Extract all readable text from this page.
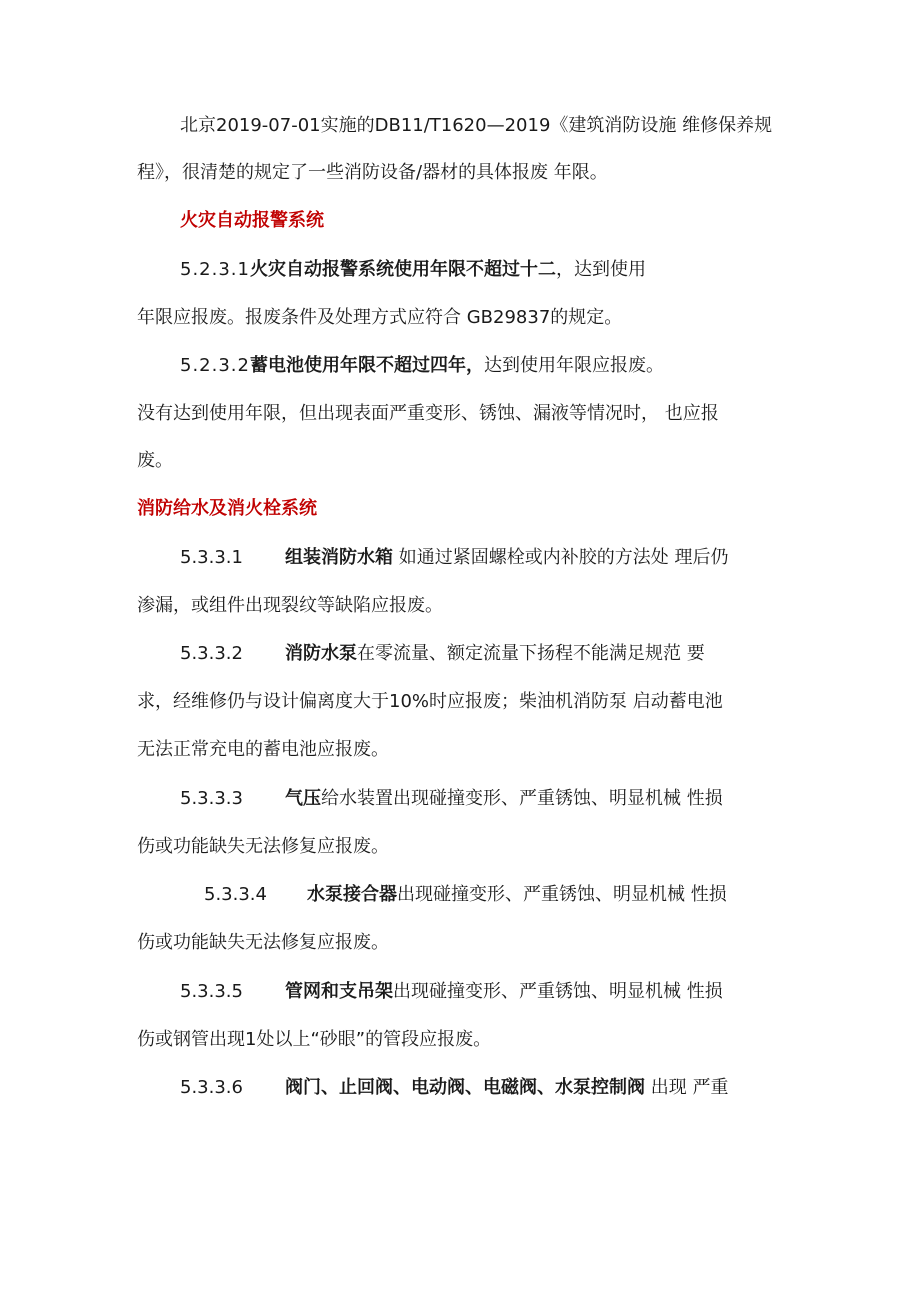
北京2019-07-01实施的DB11/T1620—2019《建筑消防设施 维修保养规
程》，很清楚的规定了一些消防设备/器材的具体报废 年限。
火灾自动报警系统
5.2.3.1火灾自动报警系统使用年限不超过十二，达到使用
年限应报废。报废条件及处理方式应符合 GB29837的规定。
5.2.3.2蓄电池使用年限不超过四年，达到使用年限应报废。
没有达到使用年限，但出现表面严重变形、锈蚀、漏液等情况时， 也应报
废。
消防给水及消火栓系统
5.3.3.1 组装消防水箱 如通过紧固螺栓或内补胶的方法处 理后仍
渗漏，或组件出现裂纹等缺陷应报废。
5.3.3.2 消防水泵在零流量、额定流量下扬程不能满足规范 要
求，经维修仍与设计偏离度大于10%时应报废；柴油机消防泵 启动蓄电池
无法正常充电的蓄电池应报废。
5.3.3.3 气压给水装置出现碰撞变形、严重锈蚀、明显机械 性损
伤或功能缺失无法修复应报废。
5.3.3.4 水泵接合器出现碰撞变形、严重锈蚀、明显机械 性损
伤或功能缺失无法修复应报废。
5.3.3.5 管网和支吊架出现碰撞变形、严重锈蚀、明显机械 性损
伤或钢管出现1处以上“砂眼”的管段应报废。
5.3.3.6 阀门、止回阀、电动阀、电磁阀、水泵控制阀 出现 严重
